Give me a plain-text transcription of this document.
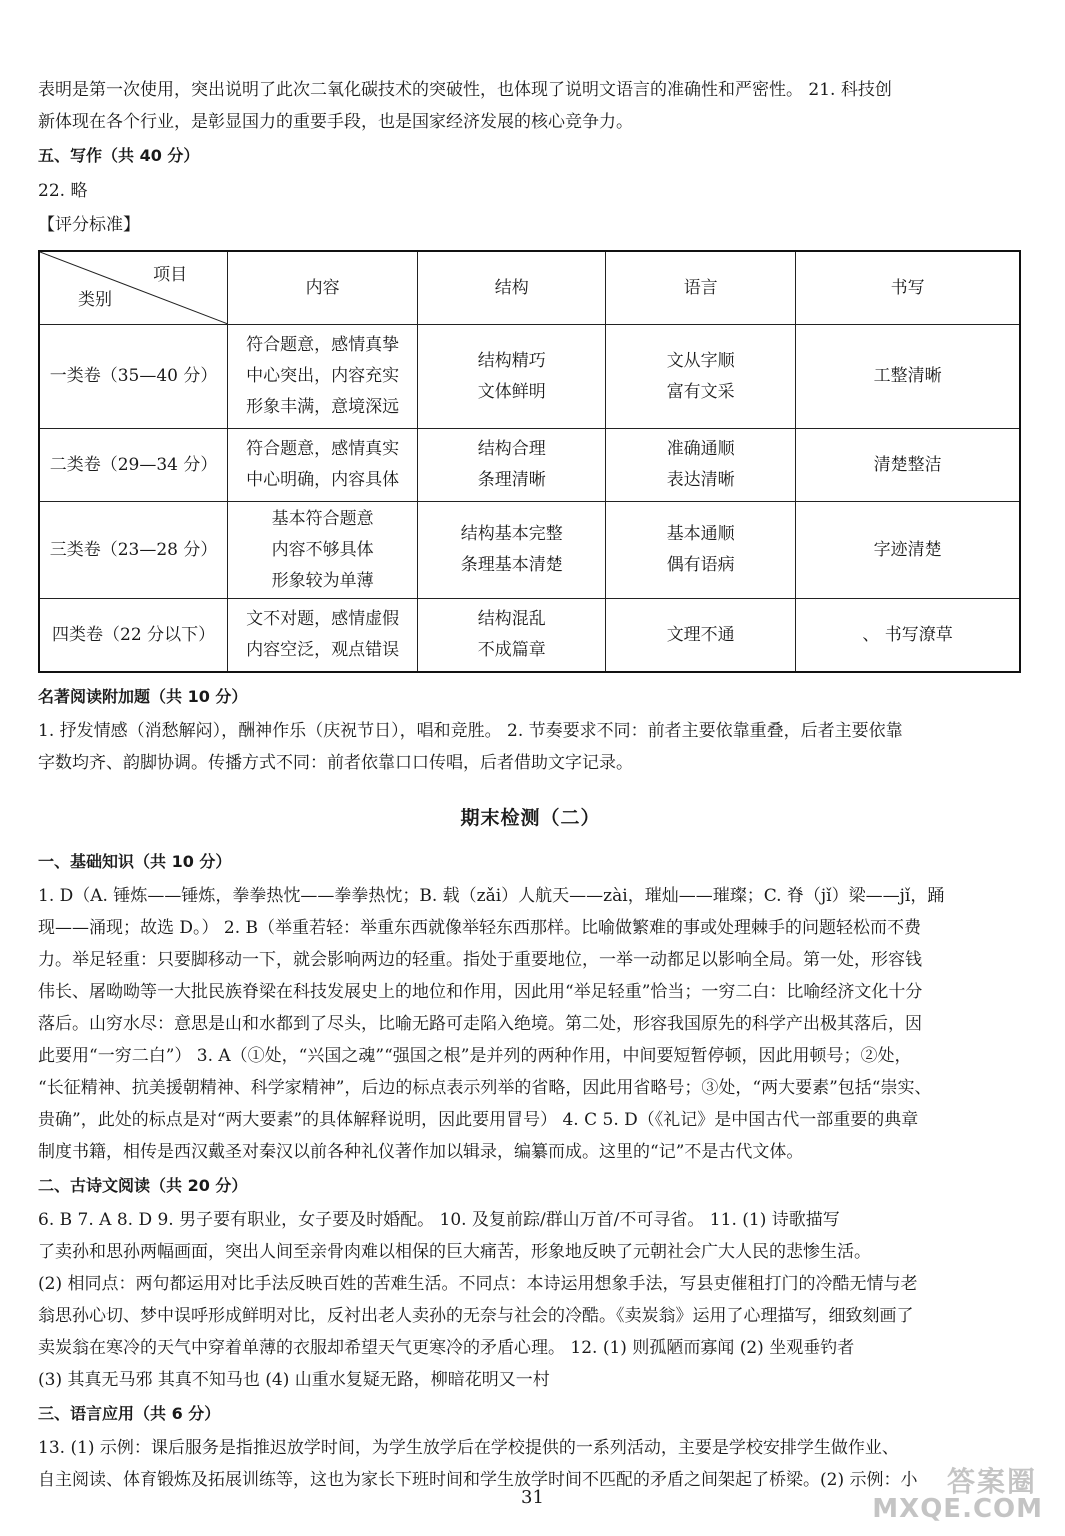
表明是第一次使用，突出说明了此次二氧化碳技术的突破性，也体现了说明文语言的准确性和严密性。 21. 科技创

新体现在各个行业，是彰显国力的重要手段，也是国家经济发展的核心竞争力。

五、写作（共 40 分）

22. 略

【评分标准】

项目
类别	内容	结构	语言	书写
一类卷（35—40 分）	符合题意，感情真挚
中心突出，内容充实
形象丰满，意境深远	结构精巧
文体鲜明	文从字顺
富有文采	工整清晰

二类卷（29—34 分）	符合题意，感情真实
中心明确，内容具体	结构合理
条理清晰	准确通顺
表达清晰	清楚整洁

三类卷（23—28 分）	基本符合题意
内容不够具体
形象较为单薄	结构基本完整
条理基本清楚	基本通顺
偶有语病	字迹清楚

四类卷（22 分以下）	文不对题，感情虚假
内容空泛，观点错误	结构混乱
不成篇章	文理不通	、 书写潦草

名著阅读附加题（共 10 分）

1. 抒发情感（消愁解闷），酬神作乐（庆祝节日），唱和竞胜。 2. 节奏要求不同：前者主要依靠重叠，后者主要依靠

字数均齐、韵脚协调。传播方式不同：前者依靠口口传唱，后者借助文字记录。

期末检测（二）

一、基础知识（共 10 分）

1. D（A. 锤炼——锤炼，拳拳热忱——拳拳热忱；B. 载（zǎi）人航天——zài，璀灿——璀璨；C. 脊（jǐ）梁——jǐ，踊

现——涌现；故选 D。） 2. B（举重若轻：举重东西就像举轻东西那样。比喻做繁难的事或处理棘手的问题轻松而不费

力。举足轻重：只要脚移动一下，就会影响两边的轻重。指处于重要地位，一举一动都足以影响全局。第一处，形容钱

伟长、屠呦呦等一大批民族脊梁在科技发展史上的地位和作用，因此用“举足轻重”恰当；一穷二白：比喻经济文化十分

落后。山穷水尽：意思是山和水都到了尽头，比喻无路可走陷入绝境。第二处，形容我国原先的科学产出极其落后，因

此要用“一穷二白”） 3. A（①处，“兴国之魂”“强国之根”是并列的两种作用，中间要短暂停顿，因此用顿号；②处，

“长征精神、抗美援朝精神、科学家精神”，后边的标点表示列举的省略，因此用省略号；③处，“两大要素”包括“崇实、

贵确”，此处的标点是对“两大要素”的具体解释说明，因此要用冒号） 4. C 5. D（《礼记》是中国古代一部重要的典章

制度书籍，相传是西汉戴圣对秦汉以前各种礼仪著作加以辑录，编纂而成。这里的“记”不是古代文体。

二、古诗文阅读（共 20 分）

6. B 7. A 8. D 9. 男子要有职业，女子要及时婚配。 10. 及复前踪/群山万首/不可寻省。 11. (1) 诗歌描写

了卖孙和思孙两幅画面，突出人间至亲骨肉难以相保的巨大痛苦，形象地反映了元朝社会广大人民的悲惨生活。

(2) 相同点：两句都运用对比手法反映百姓的苦难生活。不同点：本诗运用想象手法，写县吏催租打门的冷酷无情与老

翁思孙心切、梦中误呼形成鲜明对比，反衬出老人卖孙的无奈与社会的冷酷。《卖炭翁》运用了心理描写，细致刻画了

卖炭翁在寒冷的天气中穿着单薄的衣服却希望天气更寒冷的矛盾心理。 12. (1) 则孤陋而寡闻 (2) 坐观垂钓者

(3) 其真无马邪 其真不知马也 (4) 山重水复疑无路，柳暗花明又一村

三、语言应用（共 6 分）

13. (1) 示例：课后服务是指推迟放学时间，为学生放学后在学校提供的一系列活动，主要是学校安排学生做作业、

自主阅读、体育锻炼及拓展训练等，这也为家长下班时间和学生放学时间不匹配的矛盾之间架起了桥梁。(2) 示例：小

31	答案圈
MXQE.COM
